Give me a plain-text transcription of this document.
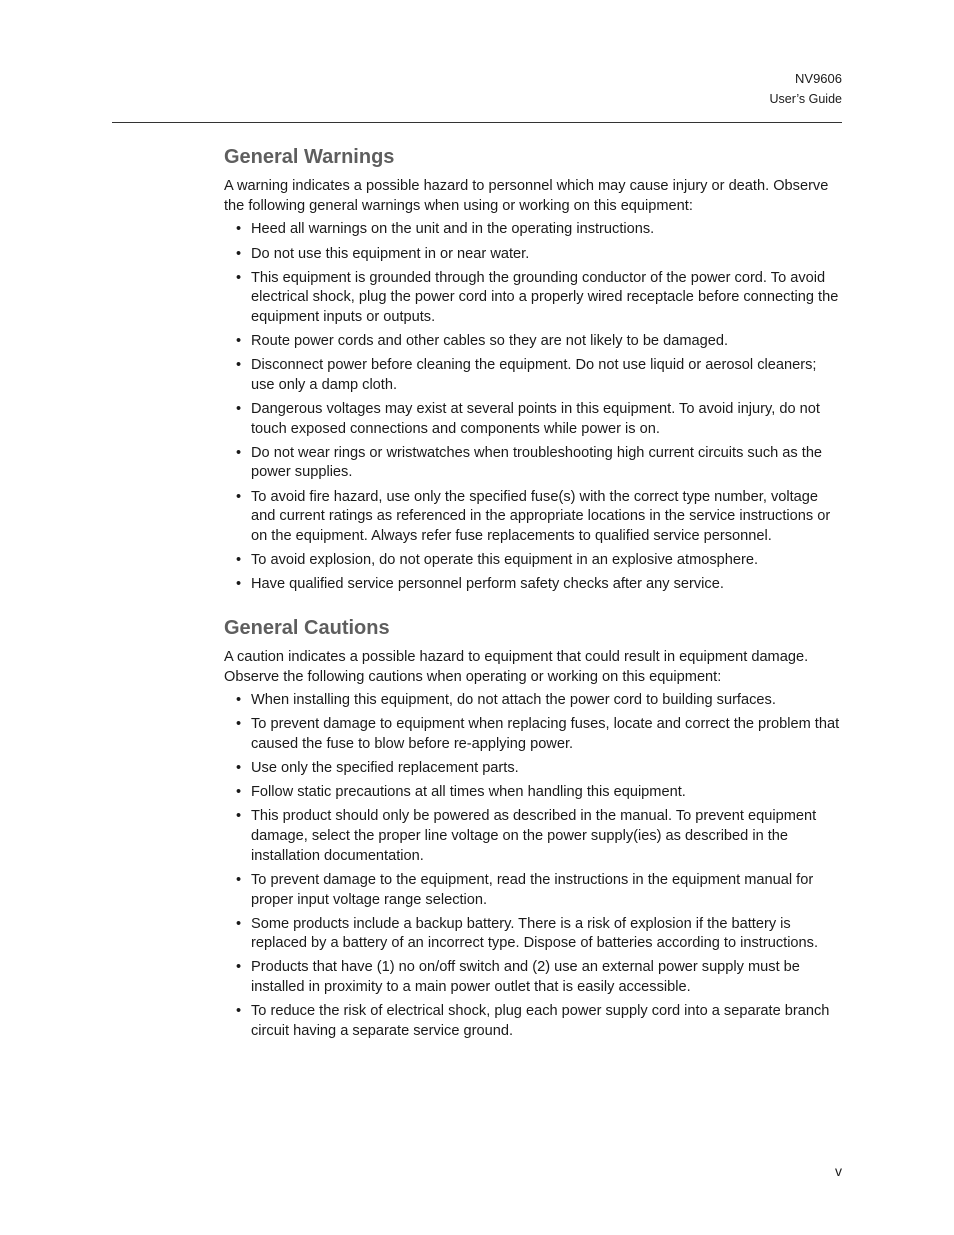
NV9606
User’s Guide
General Warnings

A warning indicates a possible hazard to personnel which may cause injury or death. Observe the following general warnings when using or working on this equipment:

• Heed all warnings on the unit and in the operating instructions.
• Do not use this equipment in or near water.
• This equipment is grounded through the grounding conductor of the power cord. To avoid electrical shock, plug the power cord into a properly wired receptacle before connecting the equipment inputs or outputs.
• Route power cords and other cables so they are not likely to be damaged.
• Disconnect power before cleaning the equipment. Do not use liquid or aerosol cleaners; use only a damp cloth.
• Dangerous voltages may exist at several points in this equipment. To avoid injury, do not touch exposed connections and components while power is on.
• Do not wear rings or wristwatches when troubleshooting high current circuits such as the power supplies.
• To avoid fire hazard, use only the specified fuse(s) with the correct type number, voltage and current ratings as referenced in the appropriate locations in the service instructions or on the equipment. Always refer fuse replacements to qualified service personnel.
• To avoid explosion, do not operate this equipment in an explosive atmosphere.
• Have qualified service personnel perform safety checks after any service.
General Cautions

A caution indicates a possible hazard to equipment that could result in equipment damage. Observe the following cautions when operating or working on this equipment:

• When installing this equipment, do not attach the power cord to building surfaces.
• To prevent damage to equipment when replacing fuses, locate and correct the problem that caused the fuse to blow before re-applying power.
• Use only the specified replacement parts.
• Follow static precautions at all times when handling this equipment.
• This product should only be powered as described in the manual. To prevent equipment damage, select the proper line voltage on the power supply(ies) as described in the installation documentation.
• To prevent damage to the equipment, read the instructions in the equipment manual for proper input voltage range selection.
• Some products include a backup battery. There is a risk of explosion if the battery is replaced by a battery of an incorrect type. Dispose of batteries according to instructions.
• Products that have (1) no on/off switch and (2) use an external power supply must be installed in proximity to a main power outlet that is easily accessible.
• To reduce the risk of electrical shock, plug each power supply cord into a separate branch circuit having a separate service ground.
v
